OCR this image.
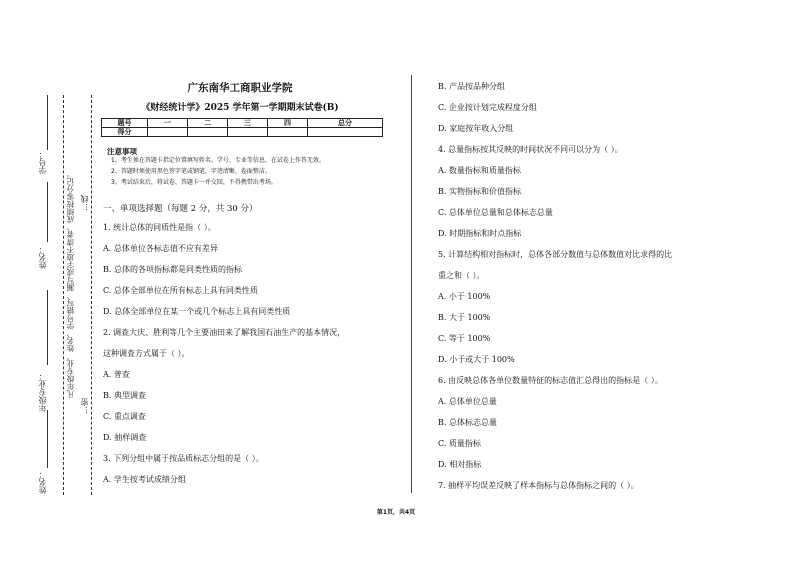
学号：
姓名：
年级专业：
姓名：
…线
凡年级专业、姓名、学号错写、漏写或字迹不清者，成绩按零分记。
…密
广东南华工商职业学院
《财经统计学》2025 学年第一学期期末试卷(B)
题号	一	二	三	四	总分
得分					
注意事项
1、考生须在答题卡指定位置填写姓名、学号、专业等信息，在试卷上作答无效。
2、答题时须使用黑色签字笔或钢笔，字迹清晰，卷面整洁。
3、考试结束后，将试卷、答题卡一并交回，不得携带出考场。
一、单项选择题（每题 2 分，共 30 分）
1. 统计总体的同质性是指（ ）。
A. 总体单位各标志值不应有差异
B. 总体的各项指标都是同类性质的指标
C. 总体全部单位在所有标志上具有同类性质
D. 总体全部单位在某一个或几个标志上具有同类性质
2. 调查大庆、胜利等几个主要油田来了解我国石油生产的基本情况，
这种调查方式属于（ ）。
A. 普查
B. 典型调查
C. 重点调查
D. 抽样调查
3. 下列分组中属于按品质标志分组的是（ ）。
A. 学生按考试成绩分组
B. 产品按品种分组
C. 企业按计划完成程度分组
D. 家庭按年收入分组
4. 总量指标按其反映的时间状况不同可以分为（ ）。
A. 数量指标和质量指标
B. 实物指标和价值指标
C. 总体单位总量和总体标志总量
D. 时期指标和时点指标
5. 计算结构相对指标时，总体各部分数值与总体数值对比求得的比
重之和（ ）。
A. 小于 100%
B. 大于 100%
C. 等于 100%
D. 小于或大于 100%
6. 由反映总体各单位数量特征的标志值汇总得出的指标是（ ）。
A. 总体单位总量
B. 总体标志总量
C. 质量指标
D. 相对指标
7. 抽样平均误差反映了样本指标与总体指标之间的（ ）。
第1页，共4页
